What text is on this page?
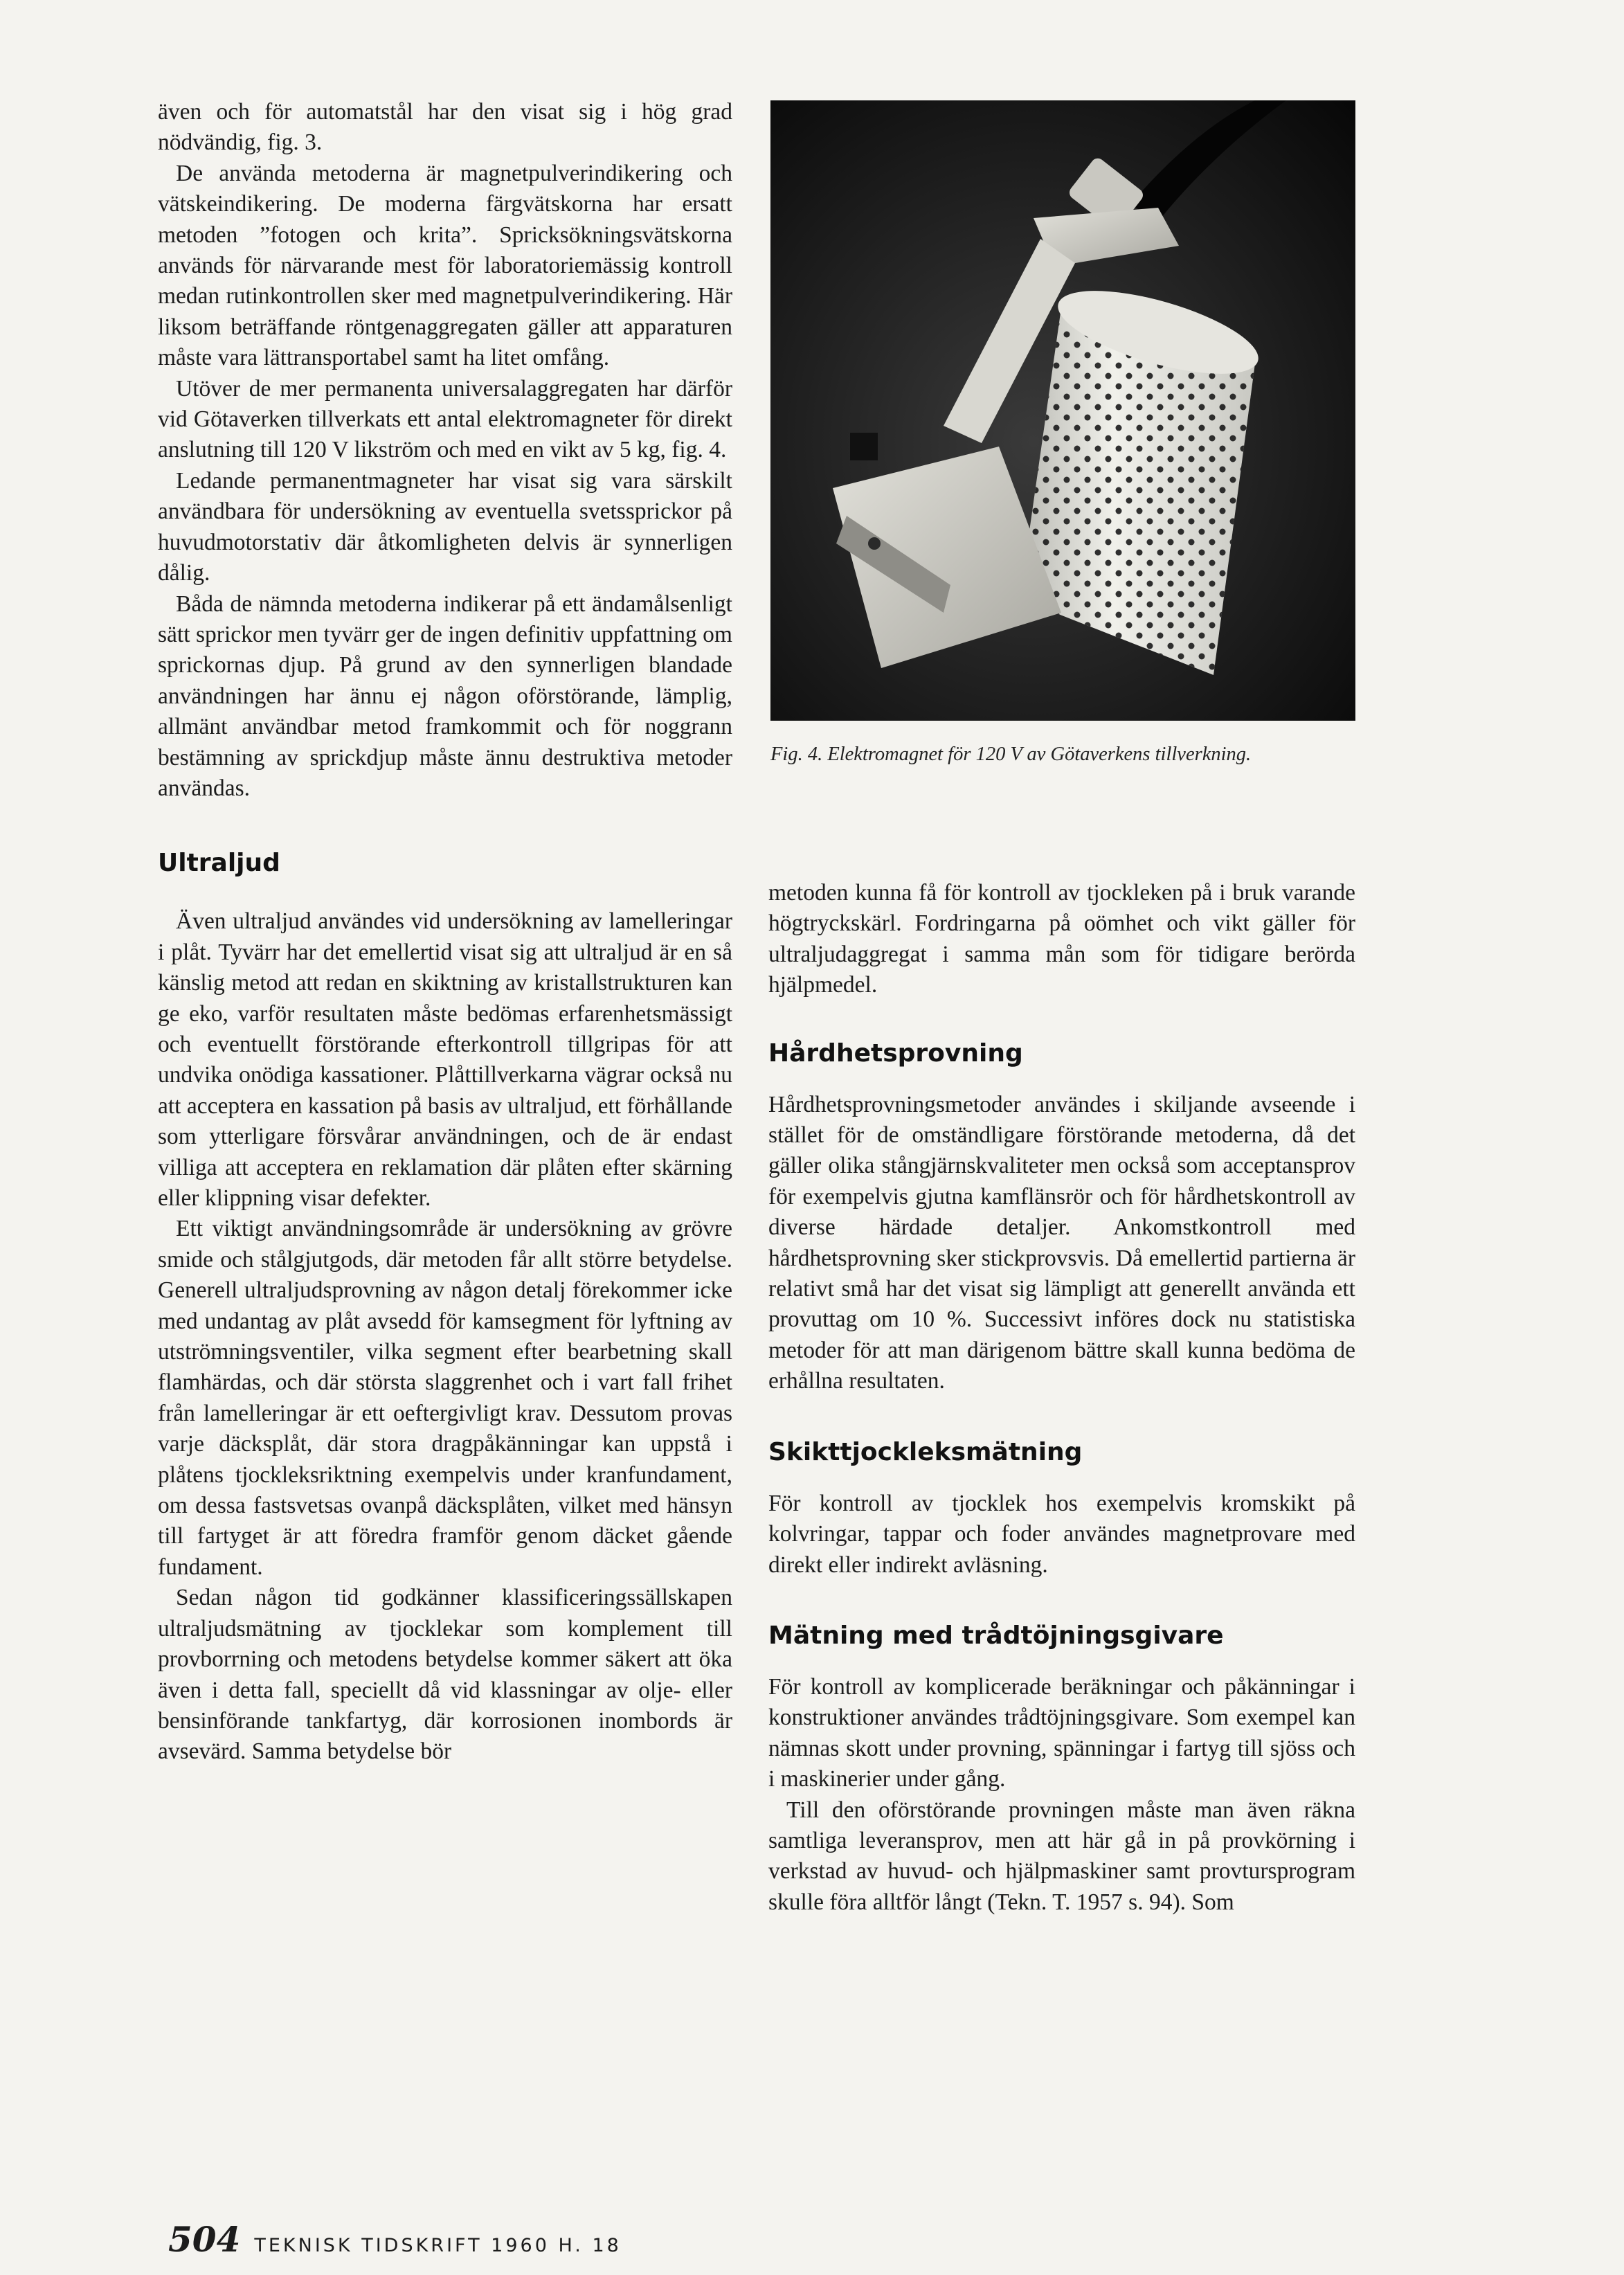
även och för automatstål har den visat sig i hög grad nödvändig, fig. 3.

De använda metoderna är magnetpulverindikering och vätskeindikering. De moderna färgvätskorna har ersatt metoden ”fotogen och krita”. Spricksökningsvätskorna används för närvarande mest för laboratoriemässig kontroll medan rutinkontrollen sker med magnetpulverindikering. Här liksom beträffande röntgenaggregaten gäller att apparaturen måste vara lättransportabel samt ha litet omfång.

Utöver de mer permanenta universalaggregaten har därför vid Götaverken tillverkats ett antal elektromagneter för direkt anslutning till 120 V likström och med en vikt av 5 kg, fig. 4.

Ledande permanentmagneter har visat sig vara särskilt användbara för undersökning av eventuella svetssprickor på huvudmotorstativ där åtkomligheten delvis är synnerligen dålig.

Båda de nämnda metoderna indikerar på ett ändamålsenligt sätt sprickor men tyvärr ger de ingen definitiv uppfattning om sprickornas djup. På grund av den synnerligen blandade användningen har ännu ej någon oförstörande, lämplig, allmänt användbar metod framkommit och för noggrann bestämning av sprickdjup måste ännu destruktiva metoder användas.

Ultraljud

Även ultraljud användes vid undersökning av lamelleringar i plåt. Tyvärr har det emellertid visat sig att ultraljud är en så känslig metod att redan en skiktning av kristallstrukturen kan ge eko, varför resultaten måste bedömas erfarenhetsmässigt och eventuellt förstörande efterkontroll tillgripas för att undvika onödiga kassationer. Plåttillverkarna vägrar också nu att acceptera en kassation på basis av ultraljud, ett förhållande som ytterligare försvårar användningen, och de är endast villiga att acceptera en reklamation där plåten efter skärning eller klippning visar defekter.

Ett viktigt användningsområde är undersökning av grövre smide och stålgjutgods, där metoden får allt större betydelse. Generell ultraljudsprovning av någon detalj förekommer icke med undantag av plåt avsedd för kamsegment för lyftning av utströmningsventiler, vilka segment efter bearbetning skall flamhärdas, och där största slaggrenhet och i vart fall frihet från lamelleringar är ett oeftergivligt krav. Dessutom provas varje däcksplåt, där stora dragpåkänningar kan uppstå i plåtens tjockleksriktning exempelvis under kranfundament, om dessa fastsvetsas ovanpå däcksplåten, vilket med hänsyn till fartyget är att föredra framför genom däcket gående fundament.

Sedan någon tid godkänner klassificeringssällskapen ultraljudsmätning av tjocklekar som komplement till provborrning och metodens betydelse kommer säkert att öka även i detta fall, speciellt då vid klassningar av olje- eller bensinförande tankfartyg, där korrosionen inombords är avsevärd. Samma betydelse bör

Fig. 4. Elektromagnet för 120 V av Götaverkens tillverkning.

metoden kunna få för kontroll av tjockleken på i bruk varande högtryckskärl. Fordringarna på oömhet och vikt gäller för ultraljudaggregat i samma mån som för tidigare berörda hjälpmedel.

Hårdhetsprovning

Hårdhetsprovningsmetoder användes i skiljande avseende i stället för de omständligare förstörande metoderna, då det gäller olika stångjärnskvaliteter men också som acceptansprov för exempelvis gjutna kamflänsrör och för hårdhetskontroll av diverse härdade detaljer. Ankomstkontroll med hårdhetsprovning sker stickprovsvis. Då emellertid partierna är relativt små har det visat sig lämpligt att generellt använda ett provuttag om 10 %. Successivt införes dock nu statistiska metoder för att man därigenom bättre skall kunna bedöma de erhållna resultaten.

Skikttjockleksmätning

För kontroll av tjocklek hos exempelvis kromskikt på kolvringar, tappar och foder användes magnetprovare med direkt eller indirekt avläsning.

Mätning med trådtöjningsgivare

För kontroll av komplicerade beräkningar och påkänningar i konstruktioner användes trådtöjningsgivare. Som exempel kan nämnas skott under provning, spänningar i fartyg till sjöss och i maskinerier under gång.

Till den oförstörande provningen måste man även räkna samtliga leveransprov, men att här gå in på provkörning i verkstad av huvud- och hjälpmaskiner samt provtursprogram skulle föra alltför långt (Tekn. T. 1957 s. 94). Som

504 TEKNISK TIDSKRIFT 1960 H. 18
